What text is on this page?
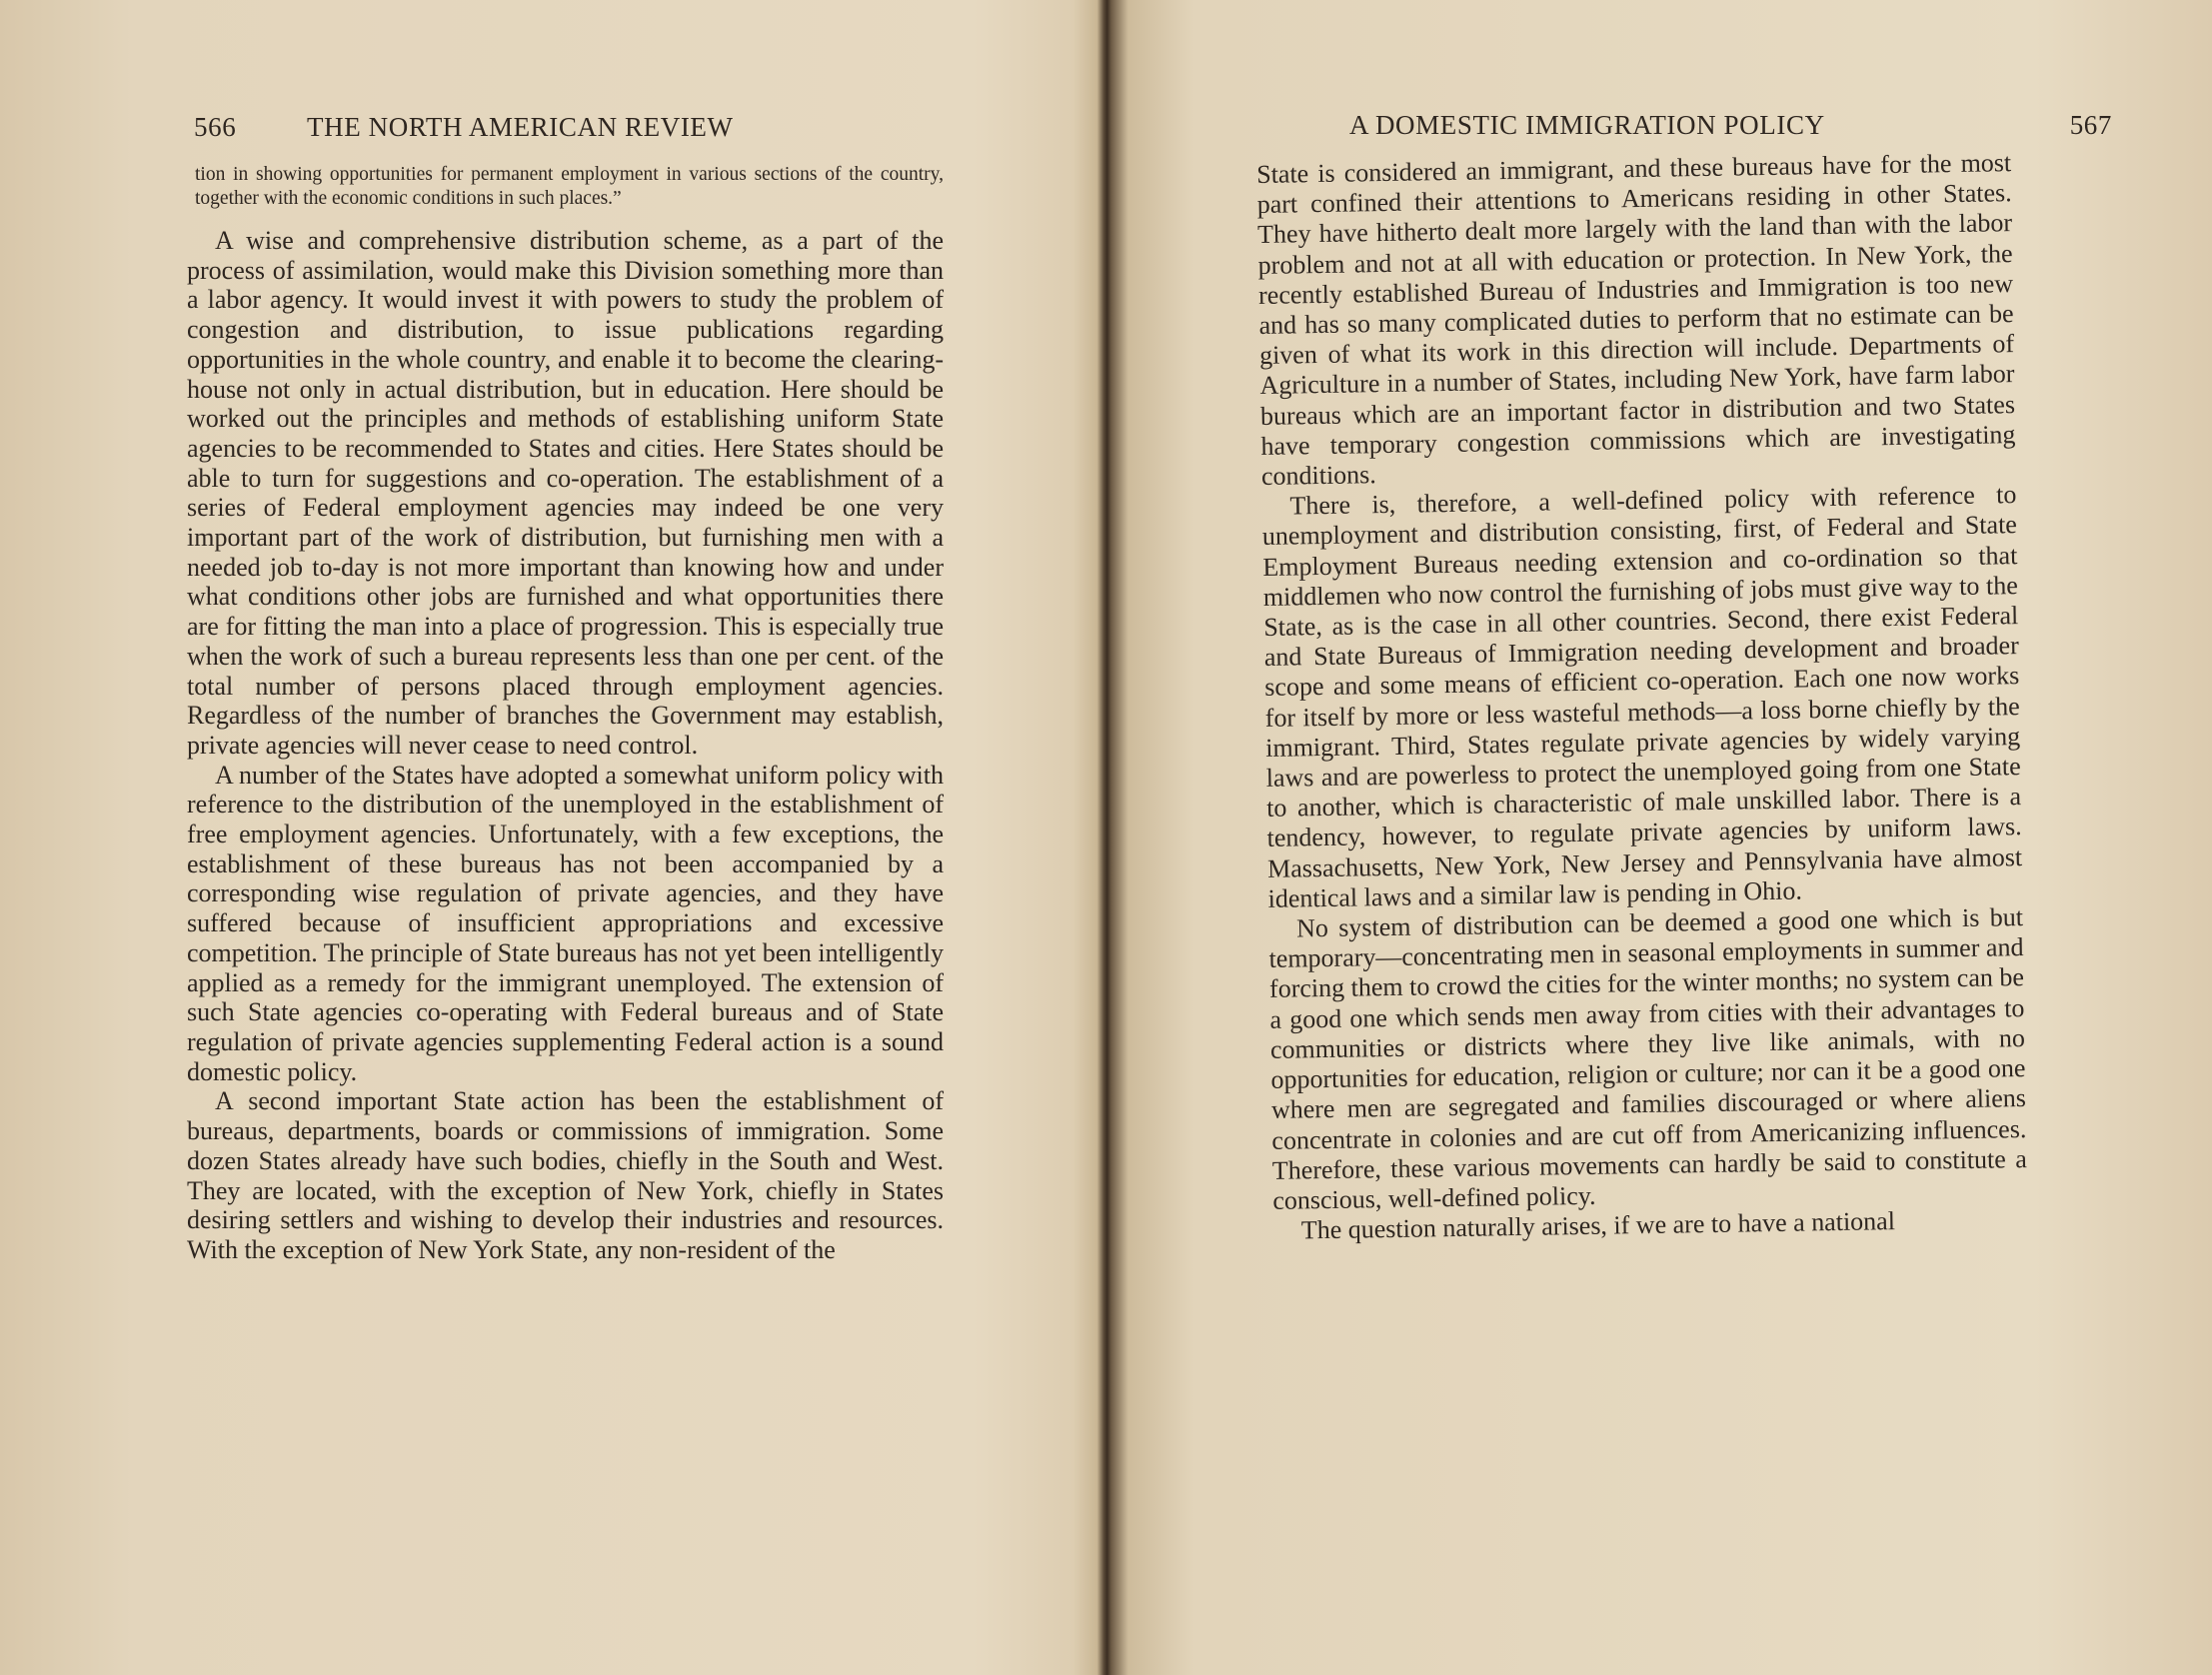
566	THE NORTH AMERICAN REVIEW

tion in showing opportunities for permanent employment in various sections of the country, together with the economic conditions in such places.”

A wise and comprehensive distribution scheme, as a part of the process of assimilation, would make this Division something more than a labor agency. It would invest it with powers to study the problem of congestion and distribution, to issue publications regarding opportunities in the whole country, and enable it to become the clearing-house not only in actual distribution, but in education. Here should be worked out the principles and methods of establishing uniform State agencies to be recommended to States and cities. Here States should be able to turn for suggestions and co-operation. The establishment of a series of Federal employment agencies may indeed be one very important part of the work of distribution, but furnishing men with a needed job to-day is not more important than knowing how and under what conditions other jobs are furnished and what opportunities there are for fitting the man into a place of progression. This is especially true when the work of such a bureau represents less than one per cent. of the total number of persons placed through employment agencies. Regardless of the number of branches the Government may establish, private agencies will never cease to need control.

A number of the States have adopted a somewhat uniform policy with reference to the distribution of the unemployed in the establishment of free employment agencies. Unfortunately, with a few exceptions, the establishment of these bureaus has not been accompanied by a corresponding wise regulation of private agencies, and they have suffered because of insufficient appropriations and excessive competition. The principle of State bureaus has not yet been intelligently applied as a remedy for the immigrant unemployed. The extension of such State agencies co-operating with Federal bureaus and of State regulation of private agencies supplementing Federal action is a sound domestic policy.

A second important State action has been the establishment of bureaus, departments, boards or commissions of immigration. Some dozen States already have such bodies, chiefly in the South and West. They are located, with the exception of New York, chiefly in States desiring settlers and wishing to develop their industries and resources. With the exception of New York State, any non-resident of the

A DOMESTIC IMMIGRATION POLICY	567

State is considered an immigrant, and these bureaus have for the most part confined their attentions to Americans residing in other States. They have hitherto dealt more largely with the land than with the labor problem and not at all with education or protection. In New York, the recently established Bureau of Industries and Immigration is too new and has so many complicated duties to perform that no estimate can be given of what its work in this direction will include. Departments of Agriculture in a number of States, including New York, have farm labor bureaus which are an important factor in distribution and two States have temporary congestion commissions which are investigating conditions.

There is, therefore, a well-defined policy with reference to unemployment and distribution consisting, first, of Federal and State Employment Bureaus needing extension and co-ordination so that middlemen who now control the furnishing of jobs must give way to the State, as is the case in all other countries. Second, there exist Federal and State Bureaus of Immigration needing development and broader scope and some means of efficient co-operation. Each one now works for itself by more or less wasteful methods—a loss borne chiefly by the immigrant. Third, States regulate private agencies by widely varying laws and are powerless to protect the unemployed going from one State to another, which is characteristic of male unskilled labor. There is a tendency, however, to regulate private agencies by uniform laws. Massachusetts, New York, New Jersey and Pennsylvania have almost identical laws and a similar law is pending in Ohio.

No system of distribution can be deemed a good one which is but temporary—concentrating men in seasonal employments in summer and forcing them to crowd the cities for the winter months; no system can be a good one which sends men away from cities with their advantages to communities or districts where they live like animals, with no opportunities for education, religion or culture; nor can it be a good one where men are segregated and families discouraged or where aliens concentrate in colonies and are cut off from Americanizing influences. Therefore, these various movements can hardly be said to constitute a conscious, well-defined policy.

The question naturally arises, if we are to have a national
